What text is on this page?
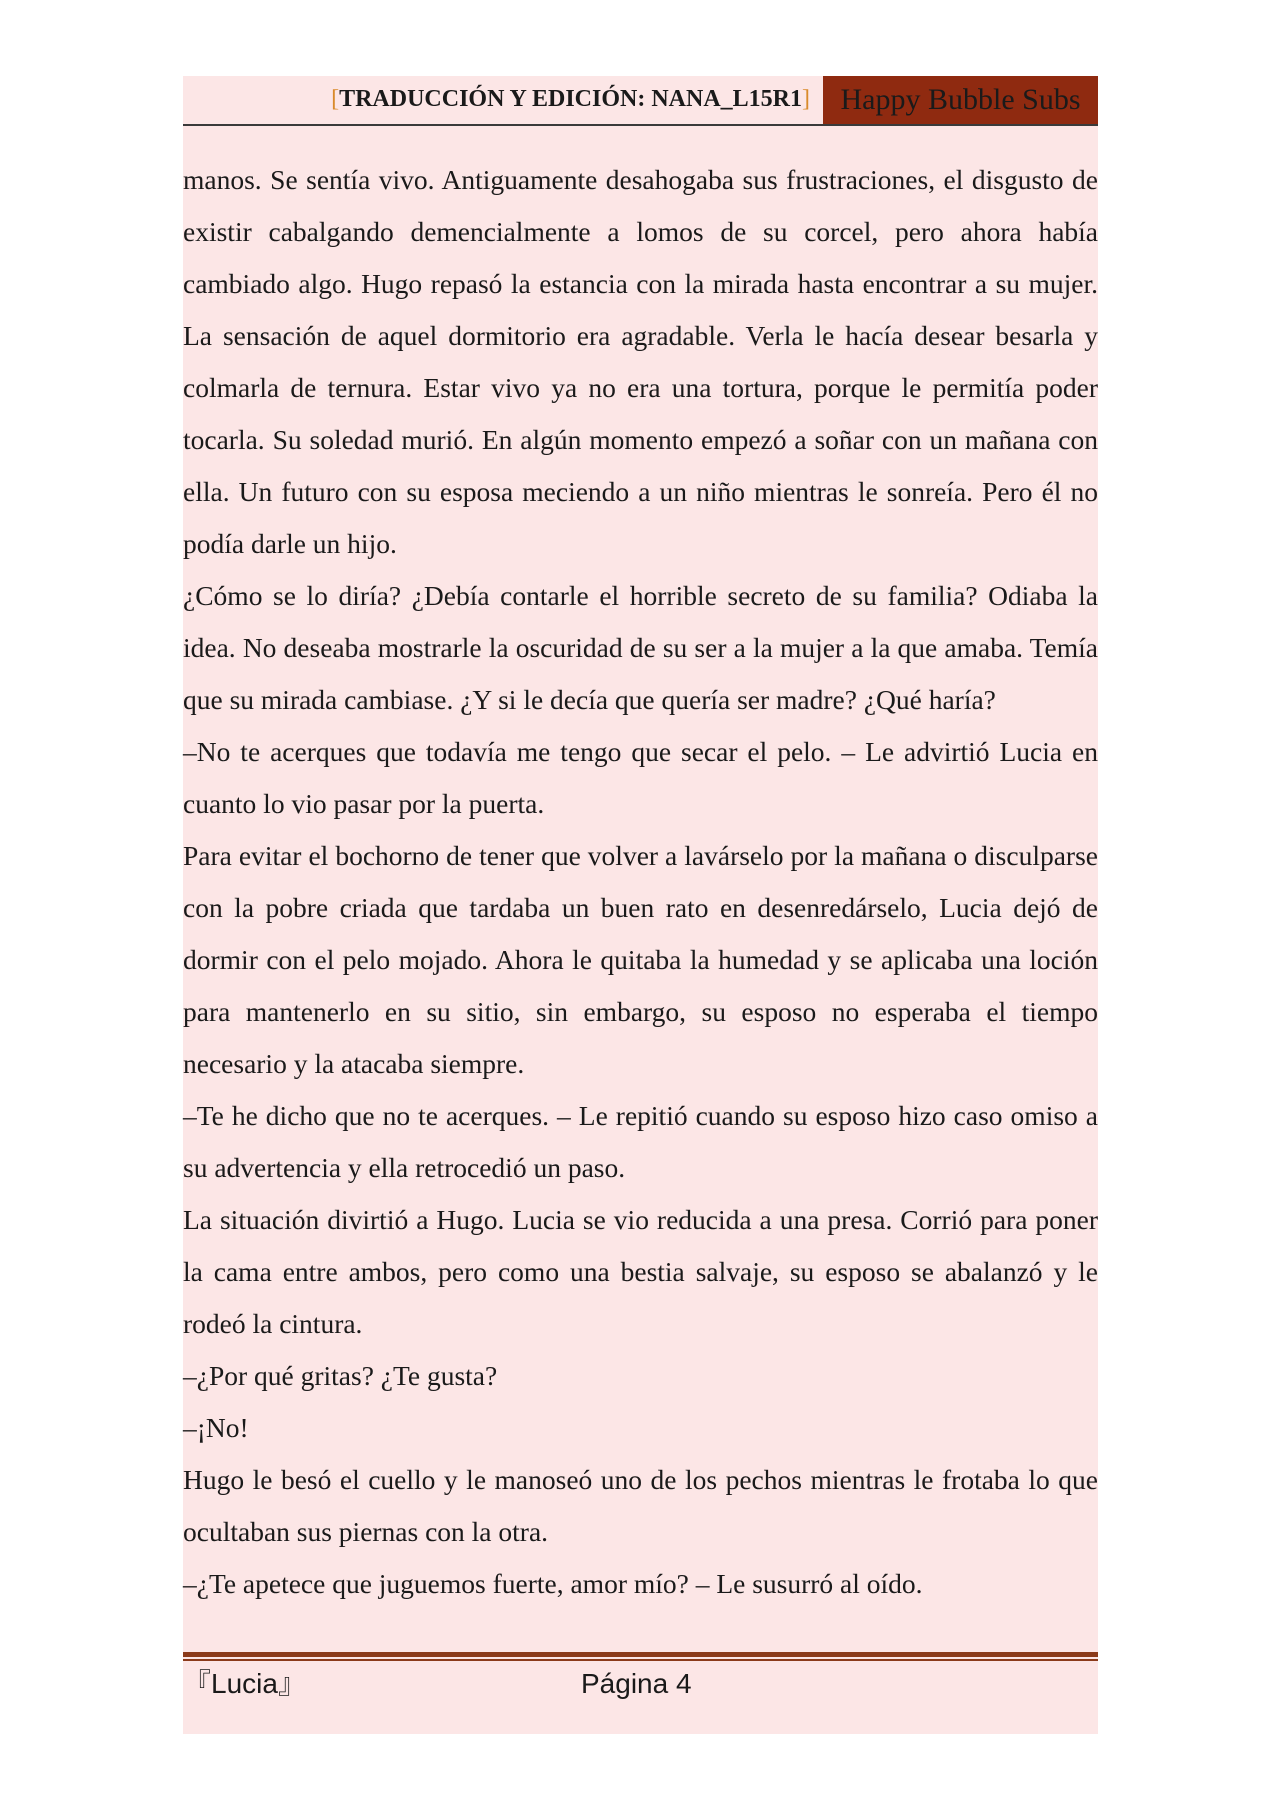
[TRADUCCIÓN Y EDICIÓN: NANA_L15R1]	Happy Bubble Subs

manos. Se sentía vivo. Antiguamente desahogaba sus frustraciones, el disgusto de existir cabalgando demencialmente a lomos de su corcel, pero ahora había cambiado algo. Hugo repasó la estancia con la mirada hasta encontrar a su mujer. La sensación de aquel dormitorio era agradable. Verla le hacía desear besarla y colmarla de ternura. Estar vivo ya no era una tortura, porque le permitía poder tocarla. Su soledad murió. En algún momento empezó a soñar con un mañana con ella. Un futuro con su esposa meciendo a un niño mientras le sonreía. Pero él no podía darle un hijo.

¿Cómo se lo diría? ¿Debía contarle el horrible secreto de su familia? Odiaba la idea. No deseaba mostrarle la oscuridad de su ser a la mujer a la que amaba. Temía que su mirada cambiase. ¿Y si le decía que quería ser madre? ¿Qué haría?

–No te acerques que todavía me tengo que secar el pelo. – Le advirtió Lucia en cuanto lo vio pasar por la puerta.

Para evitar el bochorno de tener que volver a lavárselo por la mañana o disculparse con la pobre criada que tardaba un buen rato en desenredárselo, Lucia dejó de dormir con el pelo mojado. Ahora le quitaba la humedad y se aplicaba una loción para mantenerlo en su sitio, sin embargo, su esposo no esperaba el tiempo necesario y la atacaba siempre.

–Te he dicho que no te acerques. – Le repitió cuando su esposo hizo caso omiso a su advertencia y ella retrocedió un paso.

La situación divirtió a Hugo. Lucia se vio reducida a una presa. Corrió para poner la cama entre ambos, pero como una bestia salvaje, su esposo se abalanzó y le rodeó la cintura.

–¿Por qué gritas? ¿Te gusta?

–¡No!

Hugo le besó el cuello y le manoseó uno de los pechos mientras le frotaba lo que ocultaban sus piernas con la otra.

–¿Te apetece que juguemos fuerte, amor mío? – Le susurró al oído.

『Lucia』	Página 4
